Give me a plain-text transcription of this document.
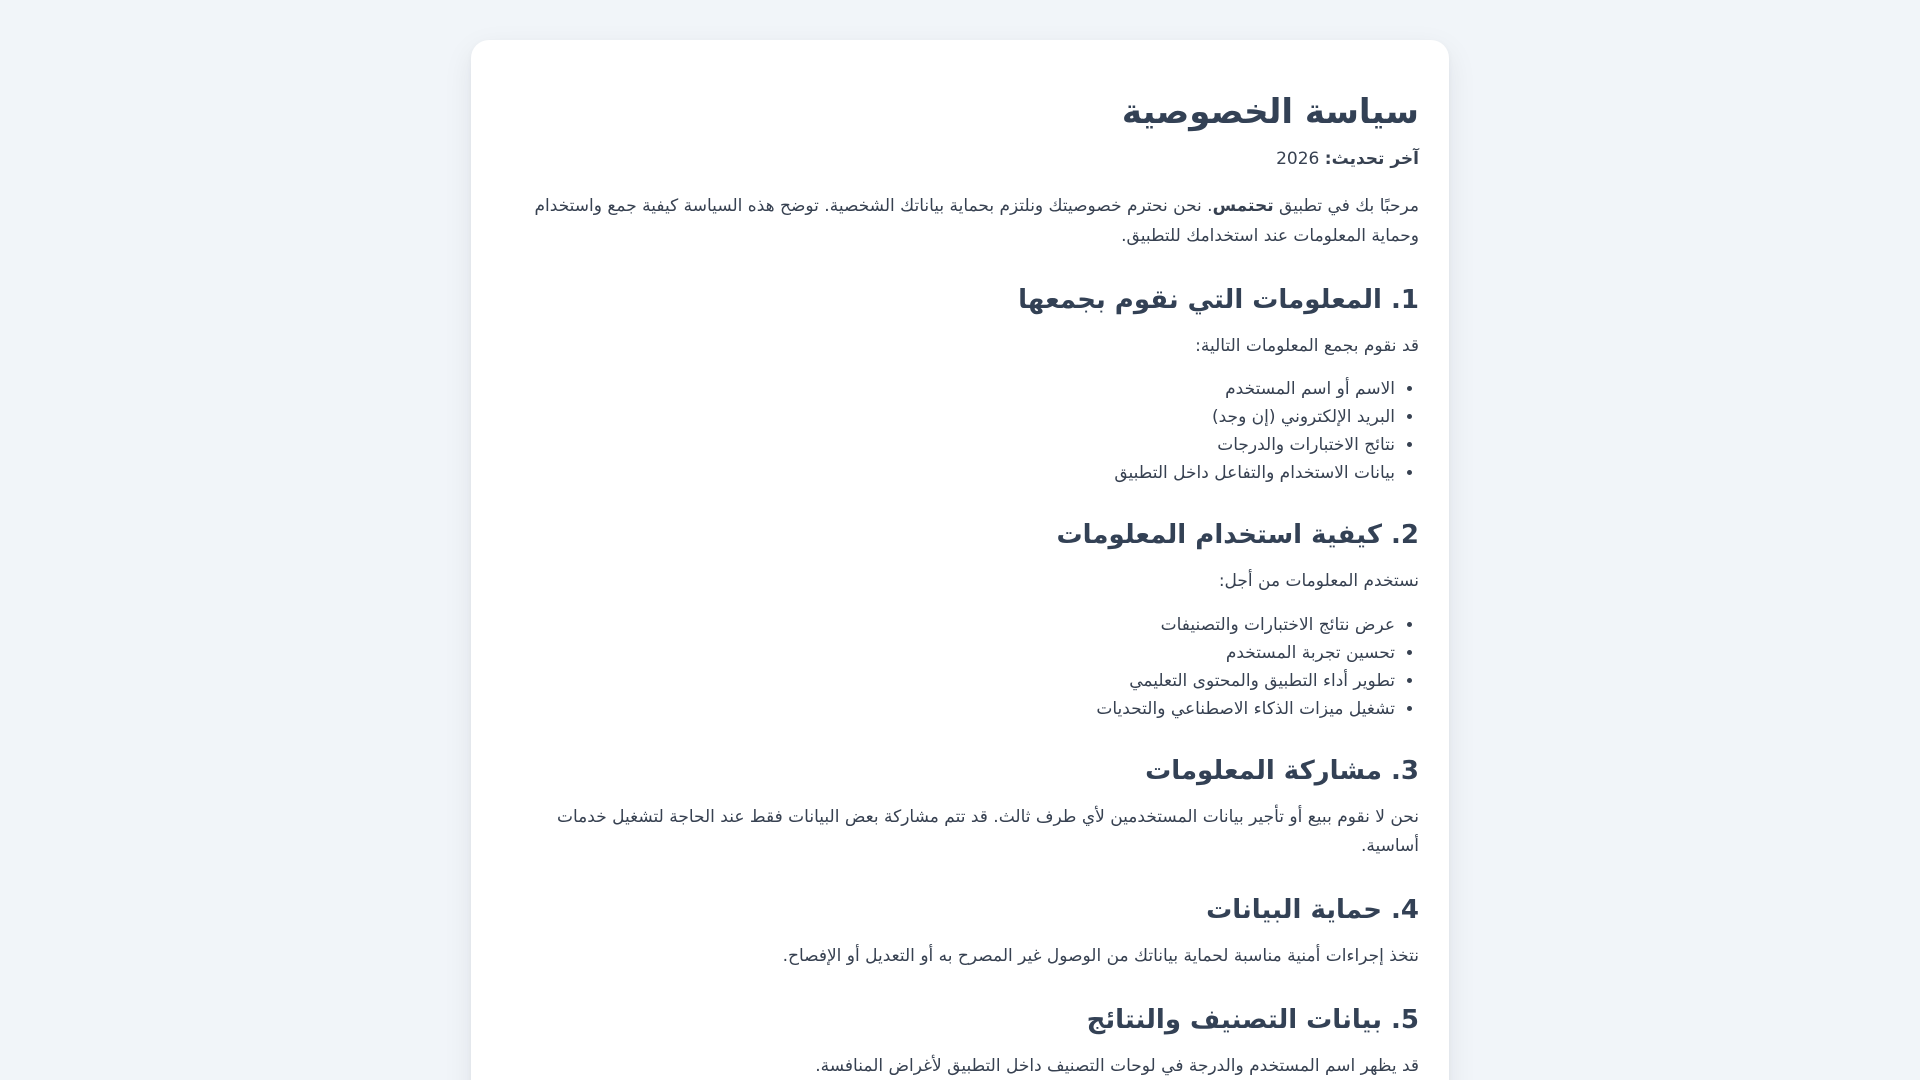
سياسة الخصوصية

آخر تحديث: 2026

مرحبًا بك في تطبيق تحتمس. نحن نحترم خصوصيتك ونلتزم بحماية بياناتك الشخصية. توضح هذه السياسة كيفية جمع واستخدام وحماية المعلومات عند استخدامك للتطبيق.

1. المعلومات التي نقوم بجمعها

قد نقوم بجمع المعلومات التالية:

• الاسم أو اسم المستخدم
• البريد الإلكتروني (إن وجد)
• نتائج الاختبارات والدرجات
• بيانات الاستخدام والتفاعل داخل التطبيق
2. كيفية استخدام المعلومات

نستخدم المعلومات من أجل:

• عرض نتائج الاختبارات والتصنيفات
• تحسين تجربة المستخدم
• تطوير أداء التطبيق والمحتوى التعليمي
• تشغيل ميزات الذكاء الاصطناعي والتحديات
3. مشاركة المعلومات

نحن لا نقوم ببيع أو تأجير بيانات المستخدمين لأي طرف ثالث. قد تتم مشاركة بعض البيانات فقط عند الحاجة لتشغيل خدمات أساسية.

4. حماية البيانات

نتخذ إجراءات أمنية مناسبة لحماية بياناتك من الوصول غير المصرح به أو التعديل أو الإفصاح.

5. بيانات التصنيف والنتائج

قد يظهر اسم المستخدم والدرجة في لوحات التصنيف داخل التطبيق لأغراض المنافسة.
